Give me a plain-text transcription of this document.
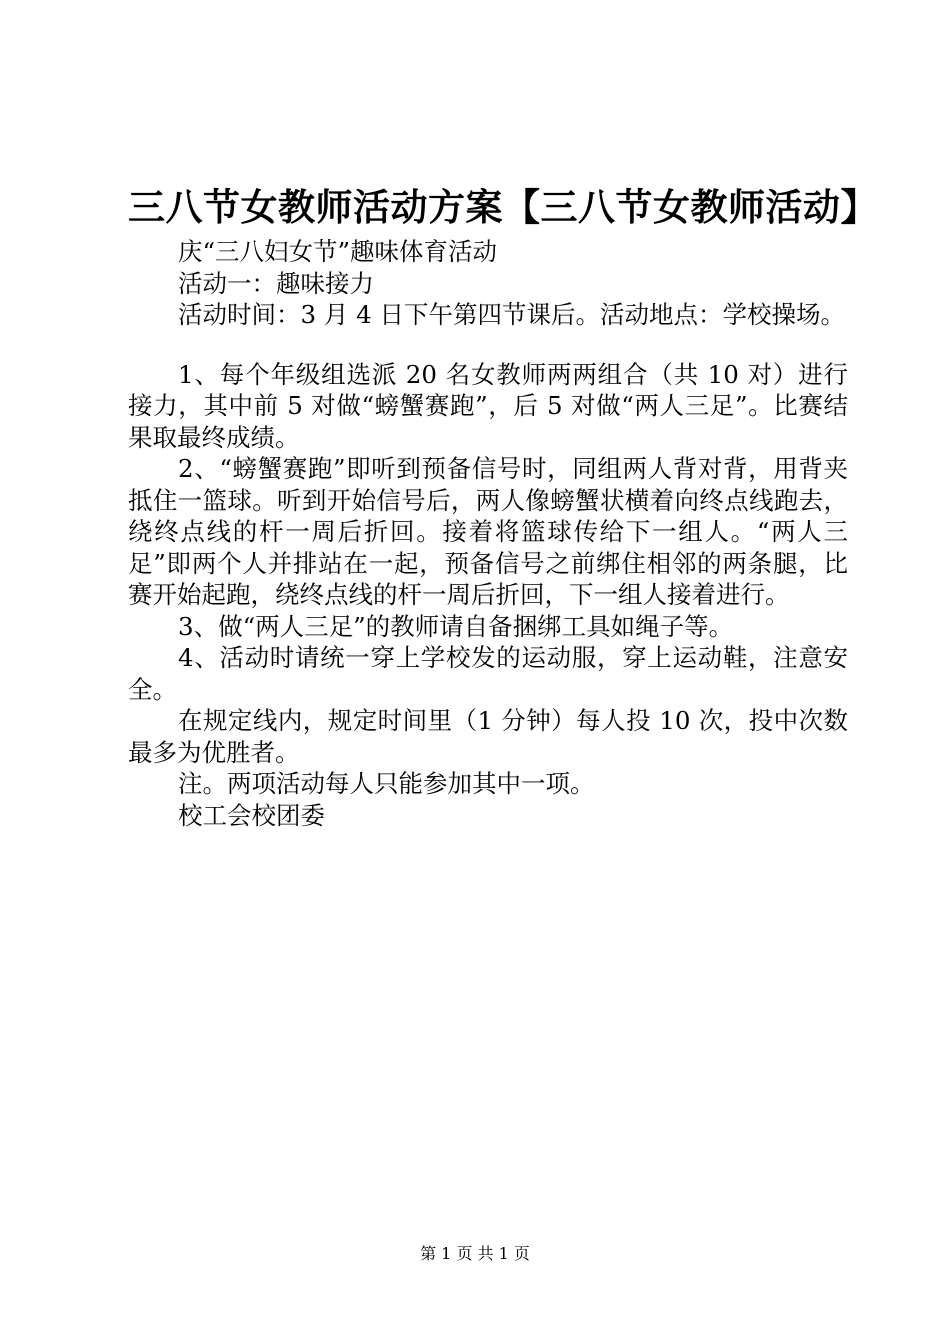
三八节女教师活动方案【三八节女教师活动】
庆“三八妇女节”趣味体育活动
活动一：趣味接力
活动时间：3 月 4 日下午第四节课后。活动地点：学校操场。

1、每个年级组选派 20 名女教师两两组合（共 10 对）进行接力，其中前 5 对做“螃蟹赛跑”，后 5 对做“两人三足”。比赛结果取最终成绩。

2、“螃蟹赛跑”即听到预备信号时，同组两人背对背，用背夹抵住一篮球。听到开始信号后，两人像螃蟹状横着向终点线跑去，绕终点线的杆一周后折回。接着将篮球传给下一组人。“两人三足”即两个人并排站在一起，预备信号之前绑住相邻的两条腿，比赛开始起跑，绕终点线的杆一周后折回，下一组人接着进行。

3、做“两人三足”的教师请自备捆绑工具如绳子等。

4、活动时请统一穿上学校发的运动服，穿上运动鞋，注意安全。

在规定线内，规定时间里（1 分钟）每人投 10 次，投中次数最多为优胜者。

注。两项活动每人只能参加其中一项。
校工会校团委
第 1 页 共 1 页
